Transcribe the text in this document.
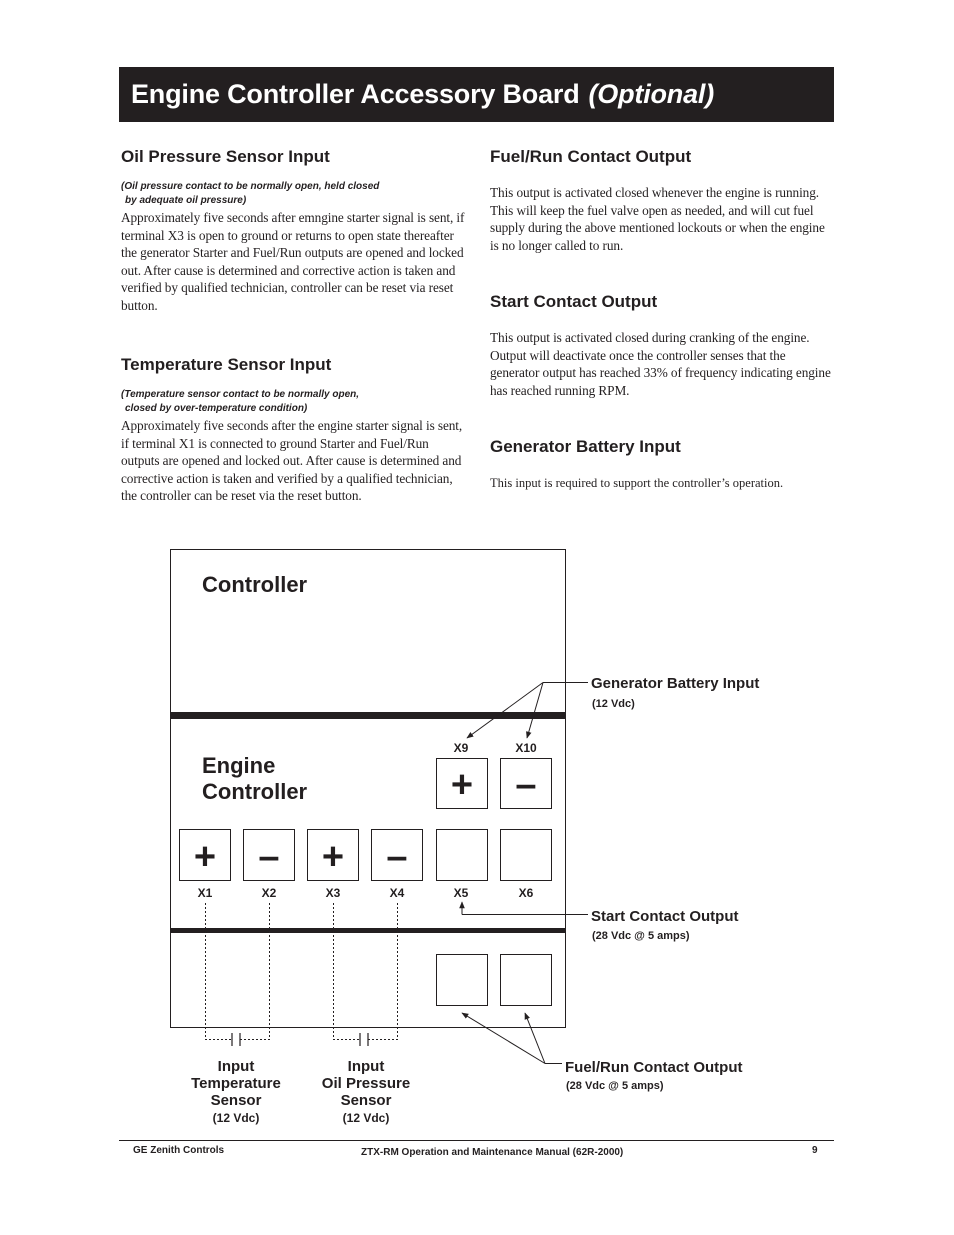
Engine Controller Accessory Board (Optional)
Oil Pressure Sensor Input

(Oil pressure contact to be normally open, held closed
by adequate oil pressure)

Approximately five seconds after emngine starter signal is sent, if terminal X3 is open to ground or returns to open state thereafter the generator Starter and Fuel/Run outputs are opened and locked out. After cause is determined and corrective action is taken and verified by qualified technician, controller can be reset via reset button.

Temperature Sensor Input

(Temperature sensor contact to be normally open,
closed by over-temperature condition)

Approximately five seconds after the engine starter signal is sent, if terminal X1 is connected to ground Starter and Fuel/Run outputs are opened and locked out. After cause is determined and corrective action is taken and verified by a qualified technician, the controller can be reset via the reset button.

Fuel/Run Contact Output

This output is activated closed whenever the engine is running. This will keep the fuel valve open as needed, and will cut fuel supply during the above mentioned lockouts or when the engine is no longer called to run.

Start Contact Output

This output is activated closed during cranking of the engine. Output will deactivate once the controller senses that the generator output has reached 33% of frequency indicating engine has reached running RPM.

Generator Battery Input

This input is required to support the controller’s operation.

Controller
Engine
Controller
X9	X10
+ –
+ – + –
X1	X2	X3	X4	X5	X6
Generator Battery Input
(12 Vdc)
Start Contact Output
(28 Vdc @ 5 amps)
Fuel/Run Contact Output
(28 Vdc @ 5 amps)
Input
Temperature
Sensor
(12 Vdc)
Input
Oil Pressure
Sensor
(12 Vdc)
GE Zenith Controls	ZTX-RM Operation and Maintenance Manual (62R-2000)	9
